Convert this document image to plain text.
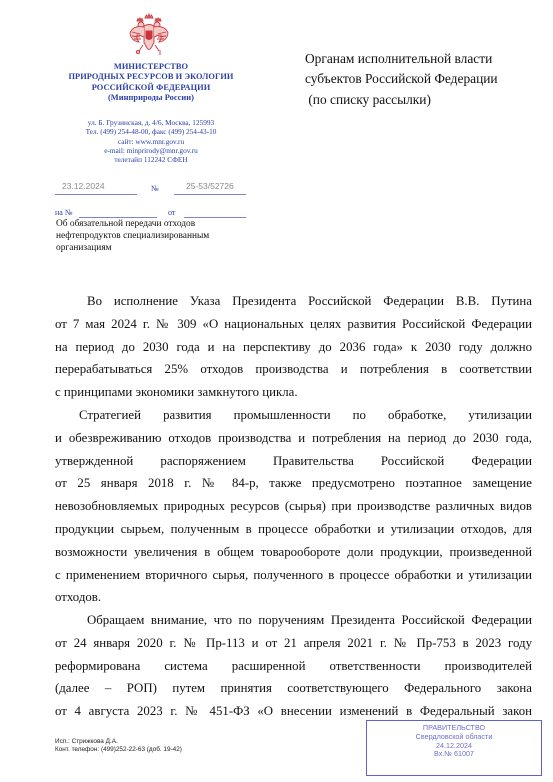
МИНИСТЕРСТВО
ПРИРОДНЫХ РЕСУРСОВ И ЭКОЛОГИИ
РОССИЙСКОЙ ФЕДЕРАЦИИ
(Минприроды России)
ул. Б. Грузинская, д. 4/6, Москва, 125993
Тел. (499) 254-48-00, факс (499) 254-43-10
сайт: www.mnr.gov.ru
e-mail: minprirody@mnr.gov.ru
телетайп 112242 СФЕН
23.12.2024	№	25-53/52726
на №	от
Об обязательной передачи отходов
нефтепродуктов специализированным
организациям
Органам исполнительной власти
субъектов Российской Федерации
(по списку рассылки)
Во исполнение Указа Президента Российской Федерации В.В. Путина
от 7 мая 2024 г. № 309 «О национальных целях развития Российской Федерации
на период до 2030 года и на перспективу до 2036 года» к 2030 году должно
перерабатываться 25% отходов производства и потребления в соответствии
с принципами экономики замкнутого цикла.
Стратегией развития промышленности по обработке, утилизации
и обезвреживанию отходов производства и потребления на период до 2030 года,
утвержденной распоряжением Правительства Российской Федерации
от 25 января 2018 г. № 84-р, также предусмотрено поэтапное замещение
невозобновляемых природных ресурсов (сырья) при производстве различных видов
продукции сырьем, полученным в процессе обработки и утилизации отходов, для
возможности увеличения в общем товарообороте доли продукции, произведенной
с применением вторичного сырья, полученного в процессе обработки и утилизации
отходов.
Обращаем внимание, что по поручениям Президента Российской Федерации
от 24 января 2020 г. № Пр-113 и от 21 апреля 2021 г. № Пр-753 в 2023 году
реформирована система расширенной ответственности производителей
(далее – РОП) путем принятия соответствующего Федерального закона
от 4 августа 2023 г. № 451-ФЗ «О внесении изменений в Федеральный закон
Исп.: Стрижкова Д.А.
Конт. телефон: (499)252-22-63 (доб. 19-42)
ПРАВИТЕЛЬСТВО
Свердловской области
24.12.2024
Вх.№ 61007
